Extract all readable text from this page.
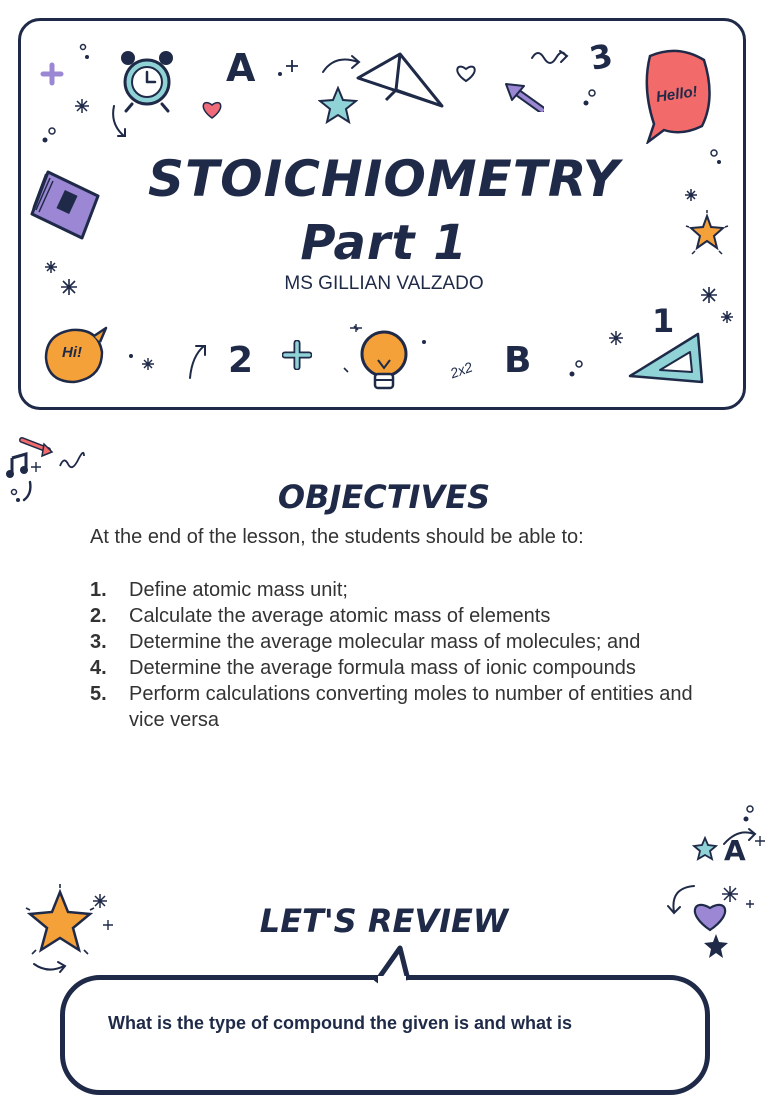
STOICHIOMETRY
Part 1
MS GILLIAN VALZADO
A	3
Hello!
1
Hi!	2	2x2 B
OBJECTIVES
At the end of the lesson, the students should be able to:
1. Define atomic mass unit;
2. Calculate the average atomic mass of elements
3. Determine the average molecular mass of molecules; and
4. Determine the average formula mass of ionic compounds
5. Perform calculations converting moles to number of entities and vice versa
A
LET'S REVIEW
What is the type of compound the given is and what is
